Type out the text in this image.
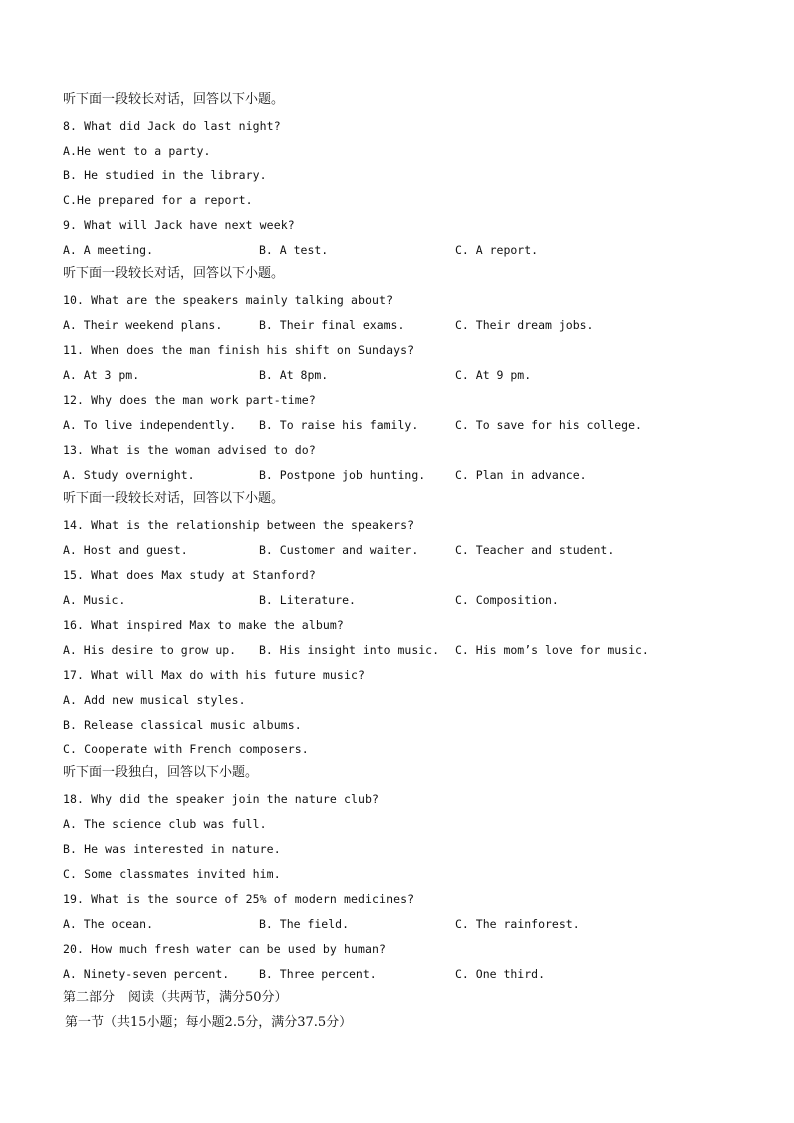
听下面一段较长对话，回答以下小题。
8. What did Jack do last night?
A.He went to a party.
B. He studied in the library.
C.He prepared for a report.
9. What will Jack have next week?
A. A meeting.	B. A test.	C. A report.
听下面一段较长对话，回答以下小题。
10. What are the speakers mainly talking about?
A. Their weekend plans.	B. Their final exams.	C. Their dream jobs.
11. When does the man finish his shift on Sundays?
A. At 3 pm.	B. At 8pm.	C. At 9 pm.
12. Why does the man work part-time?
A. To live independently. B. To raise his family.	C. To save for his college.
13. What is the woman advised to do?
A. Study overnight.	B. Postpone job hunting.	C. Plan in advance.
听下面一段较长对话，回答以下小题。
14. What is the relationship between the speakers?
A. Host and guest.	B. Customer and waiter.	C. Teacher and student.
15. What does Max study at Stanford?
A. Music.	B. Literature.	C. Composition.
16. What inspired Max to make the album?
A. His desire to grow up. B. His insight into music. C. His mom’s love for music.
17. What will Max do with his future music?
A. Add new musical styles.
B. Release classical music albums.
C. Cooperate with French composers.
听下面一段独白，回答以下小题。
18. Why did the speaker join the nature club?
A. The science club was full.
B. He was interested in nature.
C. Some classmates invited him.
19. What is the source of 25% of modern medicines?
A. The ocean.	B. The field.	C. The rainforest.
20. How much fresh water can be used by human?
A. Ninety-seven percent.	B. Three percent.	C. One third.
第二部分　阅读（共两节，满分50分）
第一节（共15小题；每小题2.5分，满分37.5分）
